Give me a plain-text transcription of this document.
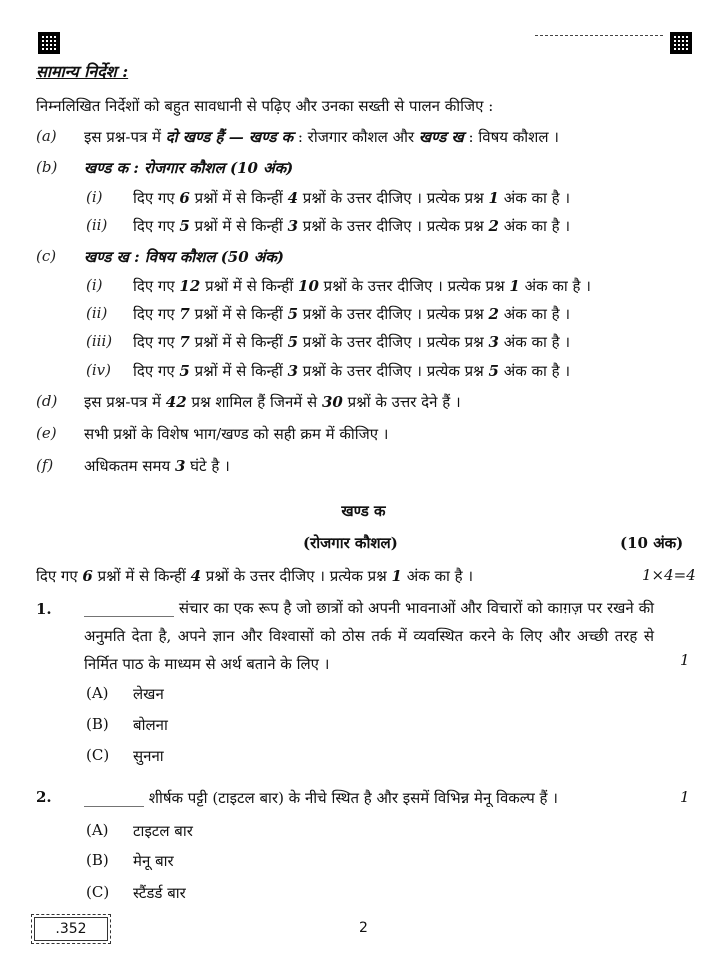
सामान्य निर्देश :
निम्नलिखित निर्देशों को बहुत सावधानी से पढ़िए और उनका सख्ती से पालन कीजिए :
(a) इस प्रश्न-पत्र में दो खण्ड हैं — खण्ड क : रोजगार कौशल और खण्ड ख : विषय कौशल ।
(b) खण्ड क : रोजगार कौशल (10 अंक)
(i) दिए गए 6 प्रश्नों में से किन्हीं 4 प्रश्नों के उत्तर दीजिए । प्रत्येक प्रश्न 1 अंक का है ।
(ii) दिए गए 5 प्रश्नों में से किन्हीं 3 प्रश्नों के उत्तर दीजिए । प्रत्येक प्रश्न 2 अंक का है ।
(c) खण्ड ख : विषय कौशल (50 अंक)
(i) दिए गए 12 प्रश्नों में से किन्हीं 10 प्रश्नों के उत्तर दीजिए । प्रत्येक प्रश्न 1 अंक का है ।
(ii) दिए गए 7 प्रश्नों में से किन्हीं 5 प्रश्नों के उत्तर दीजिए । प्रत्येक प्रश्न 2 अंक का है ।
(iii) दिए गए 7 प्रश्नों में से किन्हीं 5 प्रश्नों के उत्तर दीजिए । प्रत्येक प्रश्न 3 अंक का है ।
(iv) दिए गए 5 प्रश्नों में से किन्हीं 3 प्रश्नों के उत्तर दीजिए । प्रत्येक प्रश्न 5 अंक का है ।
(d) इस प्रश्न-पत्र में 42 प्रश्न शामिल हैं जिनमें से 30 प्रश्नों के उत्तर देने हैं ।
(e) सभी प्रश्नों के विशेष भाग/खण्ड को सही क्रम में कीजिए ।
(f) अधिकतम समय 3 घंटे है ।
खण्ड क
(रोजगार कौशल)	(10 अंक)
दिए गए 6 प्रश्नों में से किन्हीं 4 प्रश्नों के उत्तर दीजिए । प्रत्येक प्रश्न 1 अंक का है ।	1×4=4
1. ____________ संचार का एक रूप है जो छात्रों को अपनी भावनाओं और विचारों को काग़ज़ पर रखने की अनुमति देता है, अपने ज्ञान और विश्वासों को ठोस तर्क में व्यवस्थित करने के लिए और अच्छी तरह से निर्मित पाठ के माध्यम से अर्थ बताने के लिए ।	1
(A) लेखन
(B) बोलना
(C) सुनना
2. ________ शीर्षक पट्टी (टाइटल बार) के नीचे स्थित है और इसमें विभिन्न मेनू विकल्प हैं ।	1
(A) टाइटल बार
(B) मेनू बार
(C) स्टैंडर्ड बार
.352	2
